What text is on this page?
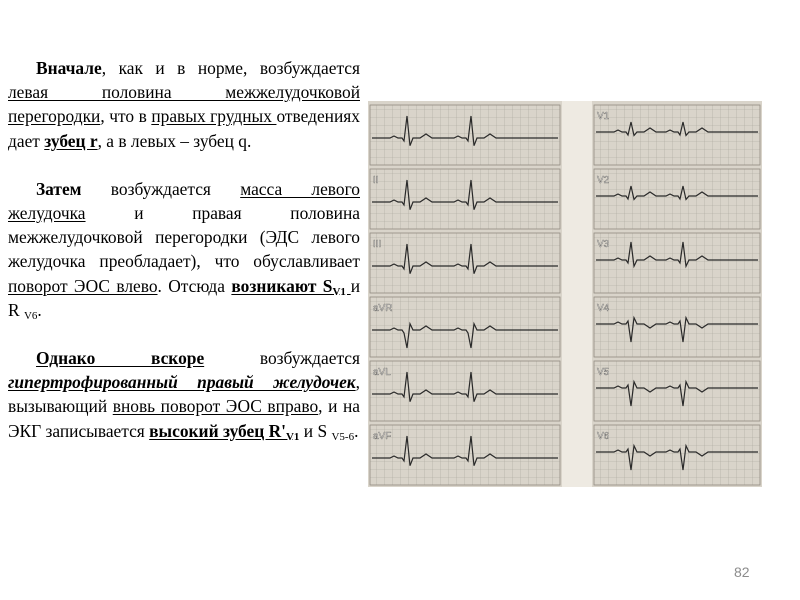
Вначале, как и в норме, возбуждается левая половина межжелудочковой перегородки, что в правых грудных отведениях дает зубец r, а в левых – зубец q.

Затем возбуждается масса левого желудочка и правая половина межжелудочковой перегородки (ЭДС левого желудочка преобладает), что обуславливает поворот ЭОС влево. Отсюда возникают $S_{V1}$ и R $_{V6}$.

Однако вскоре возбуждается гипертрофированный правый желудочек, вызывающий вновь поворот ЭОС вправо, и на ЭКГ записывается высокий зубец $R'_{V1}$ и S $_{V5-6}$.

II
III
aVR
aVL
aVF
V1
V2
V3
V4
V5
V6
82
